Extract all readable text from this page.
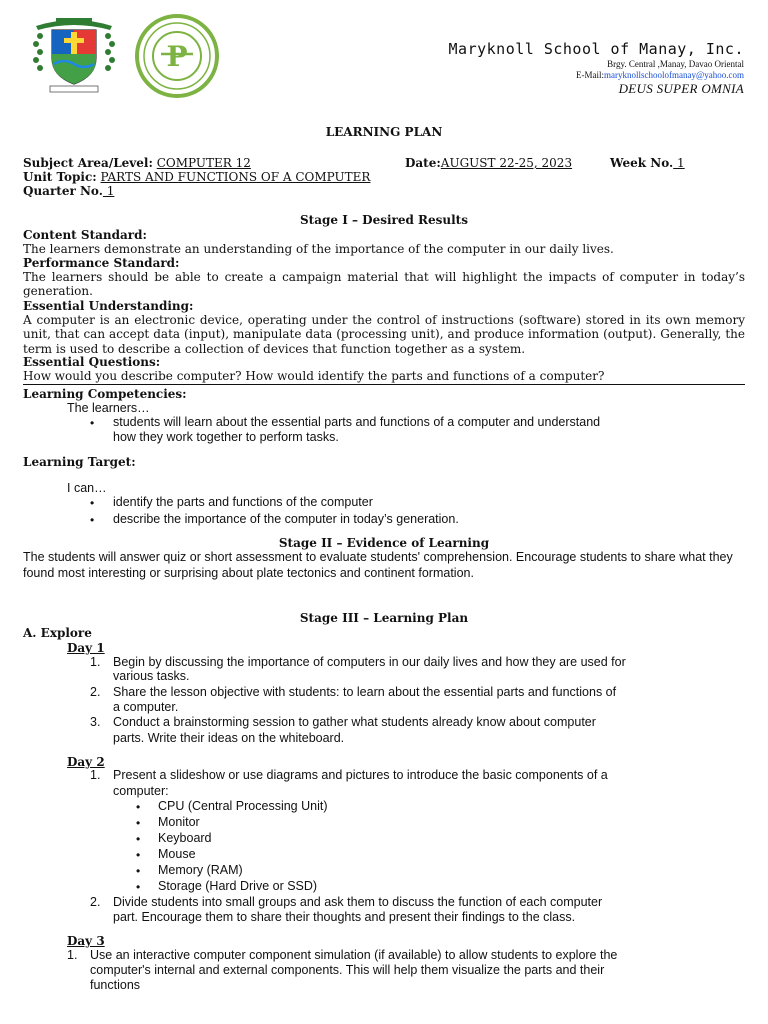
P	Maryknoll School of Manay, Inc.
Brgy. Central ,Manay, Davao Oriental
E-Mail:maryknollschoolofmanay@yahoo.com
DEUS SUPER OMNIA
LEARNING PLAN
Subject Area/Level: COMPUTER 12	Date:AUGUST 22-25, 2023	Week No. 1
Unit Topic: PARTS AND FUNCTIONS OF A COMPUTER
Quarter No. 1
Stage I – Desired Results
Content Standard:
The learners demonstrate an understanding of the importance of the computer in our daily lives.
Performance Standard:
The learners should be able to create a campaign material that will highlight the impacts of computer in today’s generation.
Essential Understanding:
A computer is an electronic device, operating under the control of instructions (software) stored in its own memory unit, that can accept data (input), manipulate data (processing unit), and produce information (output). Generally, the term is used to describe a collection of devices that function together as a system.
Essential Questions:
How would you describe computer? How would identify the parts and functions of a computer?
Learning Competencies:
The learners…
• students will learn about the essential parts and functions of a computer and understand
how they work together to perform tasks.
Learning Target:
I can…
• identify the parts and functions of the computer
• describe the importance of the computer in today’s generation.
Stage II – Evidence of Learning
The students will answer quiz or short assessment to evaluate students' comprehension. Encourage students to share what they found most interesting or surprising about plate tectonics and continent formation.
Stage III – Learning Plan
A. Explore
Day 1
1. Begin by discussing the importance of computers in our daily lives and how they are used for
various tasks.
2. Share the lesson objective with students: to learn about the essential parts and functions of
a computer.
3. Conduct a brainstorming session to gather what students already know about computer
parts. Write their ideas on the whiteboard.
Day 2
1. Present a slideshow or use diagrams and pictures to introduce the basic components of a
computer:
• CPU (Central Processing Unit)
• Monitor
• Keyboard
• Mouse
• Memory (RAM)
• Storage (Hard Drive or SSD)
2. Divide students into small groups and ask them to discuss the function of each computer
part. Encourage them to share their thoughts and present their findings to the class.
Day 3
1. Use an interactive computer component simulation (if available) to allow students to explore the
computer's internal and external components. This will help them visualize the parts and their
functions
